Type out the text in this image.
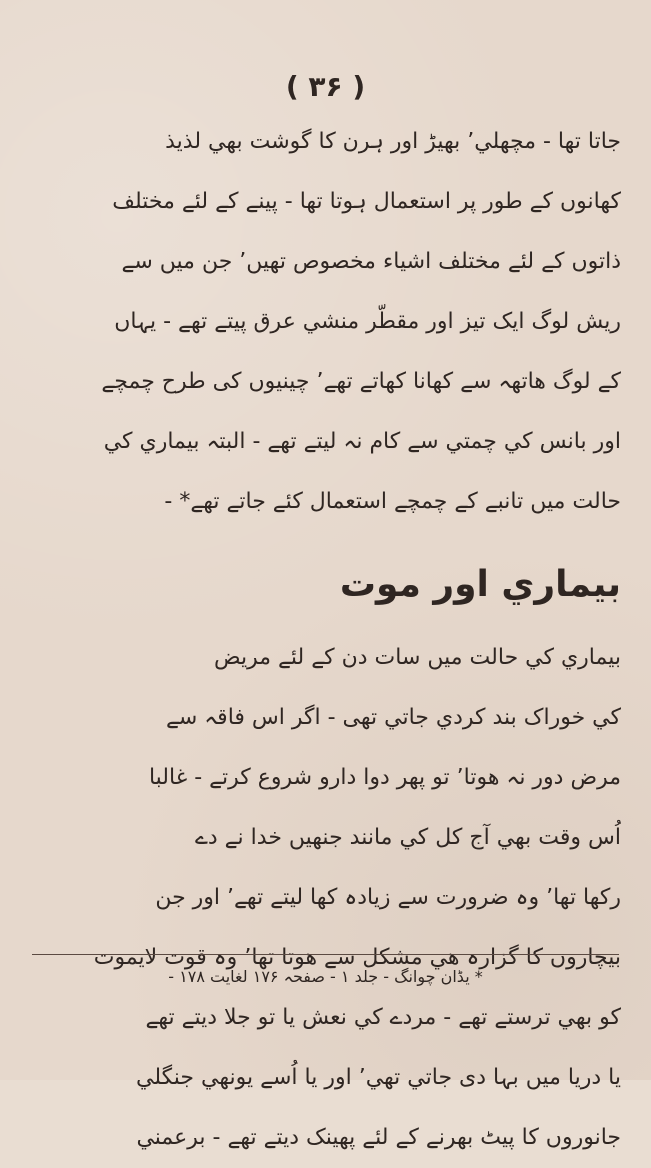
( ۳۶ )
جاتا تھا - مچھلي٬ بھیڑ اور ہرن کا گوشت بھي لذیذ
کھانوں کے طور پر استعمال ہوتا تھا - پینے کے لئے مختلف
ذاتوں کے لئے مختلف اشیاء مخصوص تھیں٬ جن میں سے
ریش لوگ ایک تیز اور مقطّر منشي عرق پیتے تھے - یہاں
کے لوگ ھاتھہ سے کھانا کھاتے تھے٬ چینیوں کی طرح چمچے
اور بانس کي چمتي سے کام نہ لیتے تھے - البتہ بیماري کي
حالت میں تانبے کے چمچے استعمال کئے جاتے تھے* -
بیماري اور موت
بیماري کي حالت میں سات دن کے لئے مریض
کي خوراک بند کردي جاتي تھی - اگر اس فاقہ سے
مرض دور نہ ھوتا٬ تو پھر دوا دارو شروع کرتے - غالبا
اُس وقت بھي آج کل کي مانند جنھیں خدا نے دے
رکھا تھا٬ وہ ضرورت سے زیادہ کھا لیتے تھے٬ اور جن
بیچاروں کا گزارہ ھي مشکل سے ھوتا تھا٬ وہ قوت لایموت
کو بھي ترستے تھے - مردے کي نعش یا تو جلا دیتے تھے
یا دریا میں بہا دی جاتي تھي٬ اور یا اُسے یونھي جنگلي
جانوروں کا پیٹ بھرنے کے لئے پھینک دیتے تھے - برعمني
* یڈان چوانگ - جلد ۱ - صفحہ ۱۷۶ لغایت ۱۷۸ -
